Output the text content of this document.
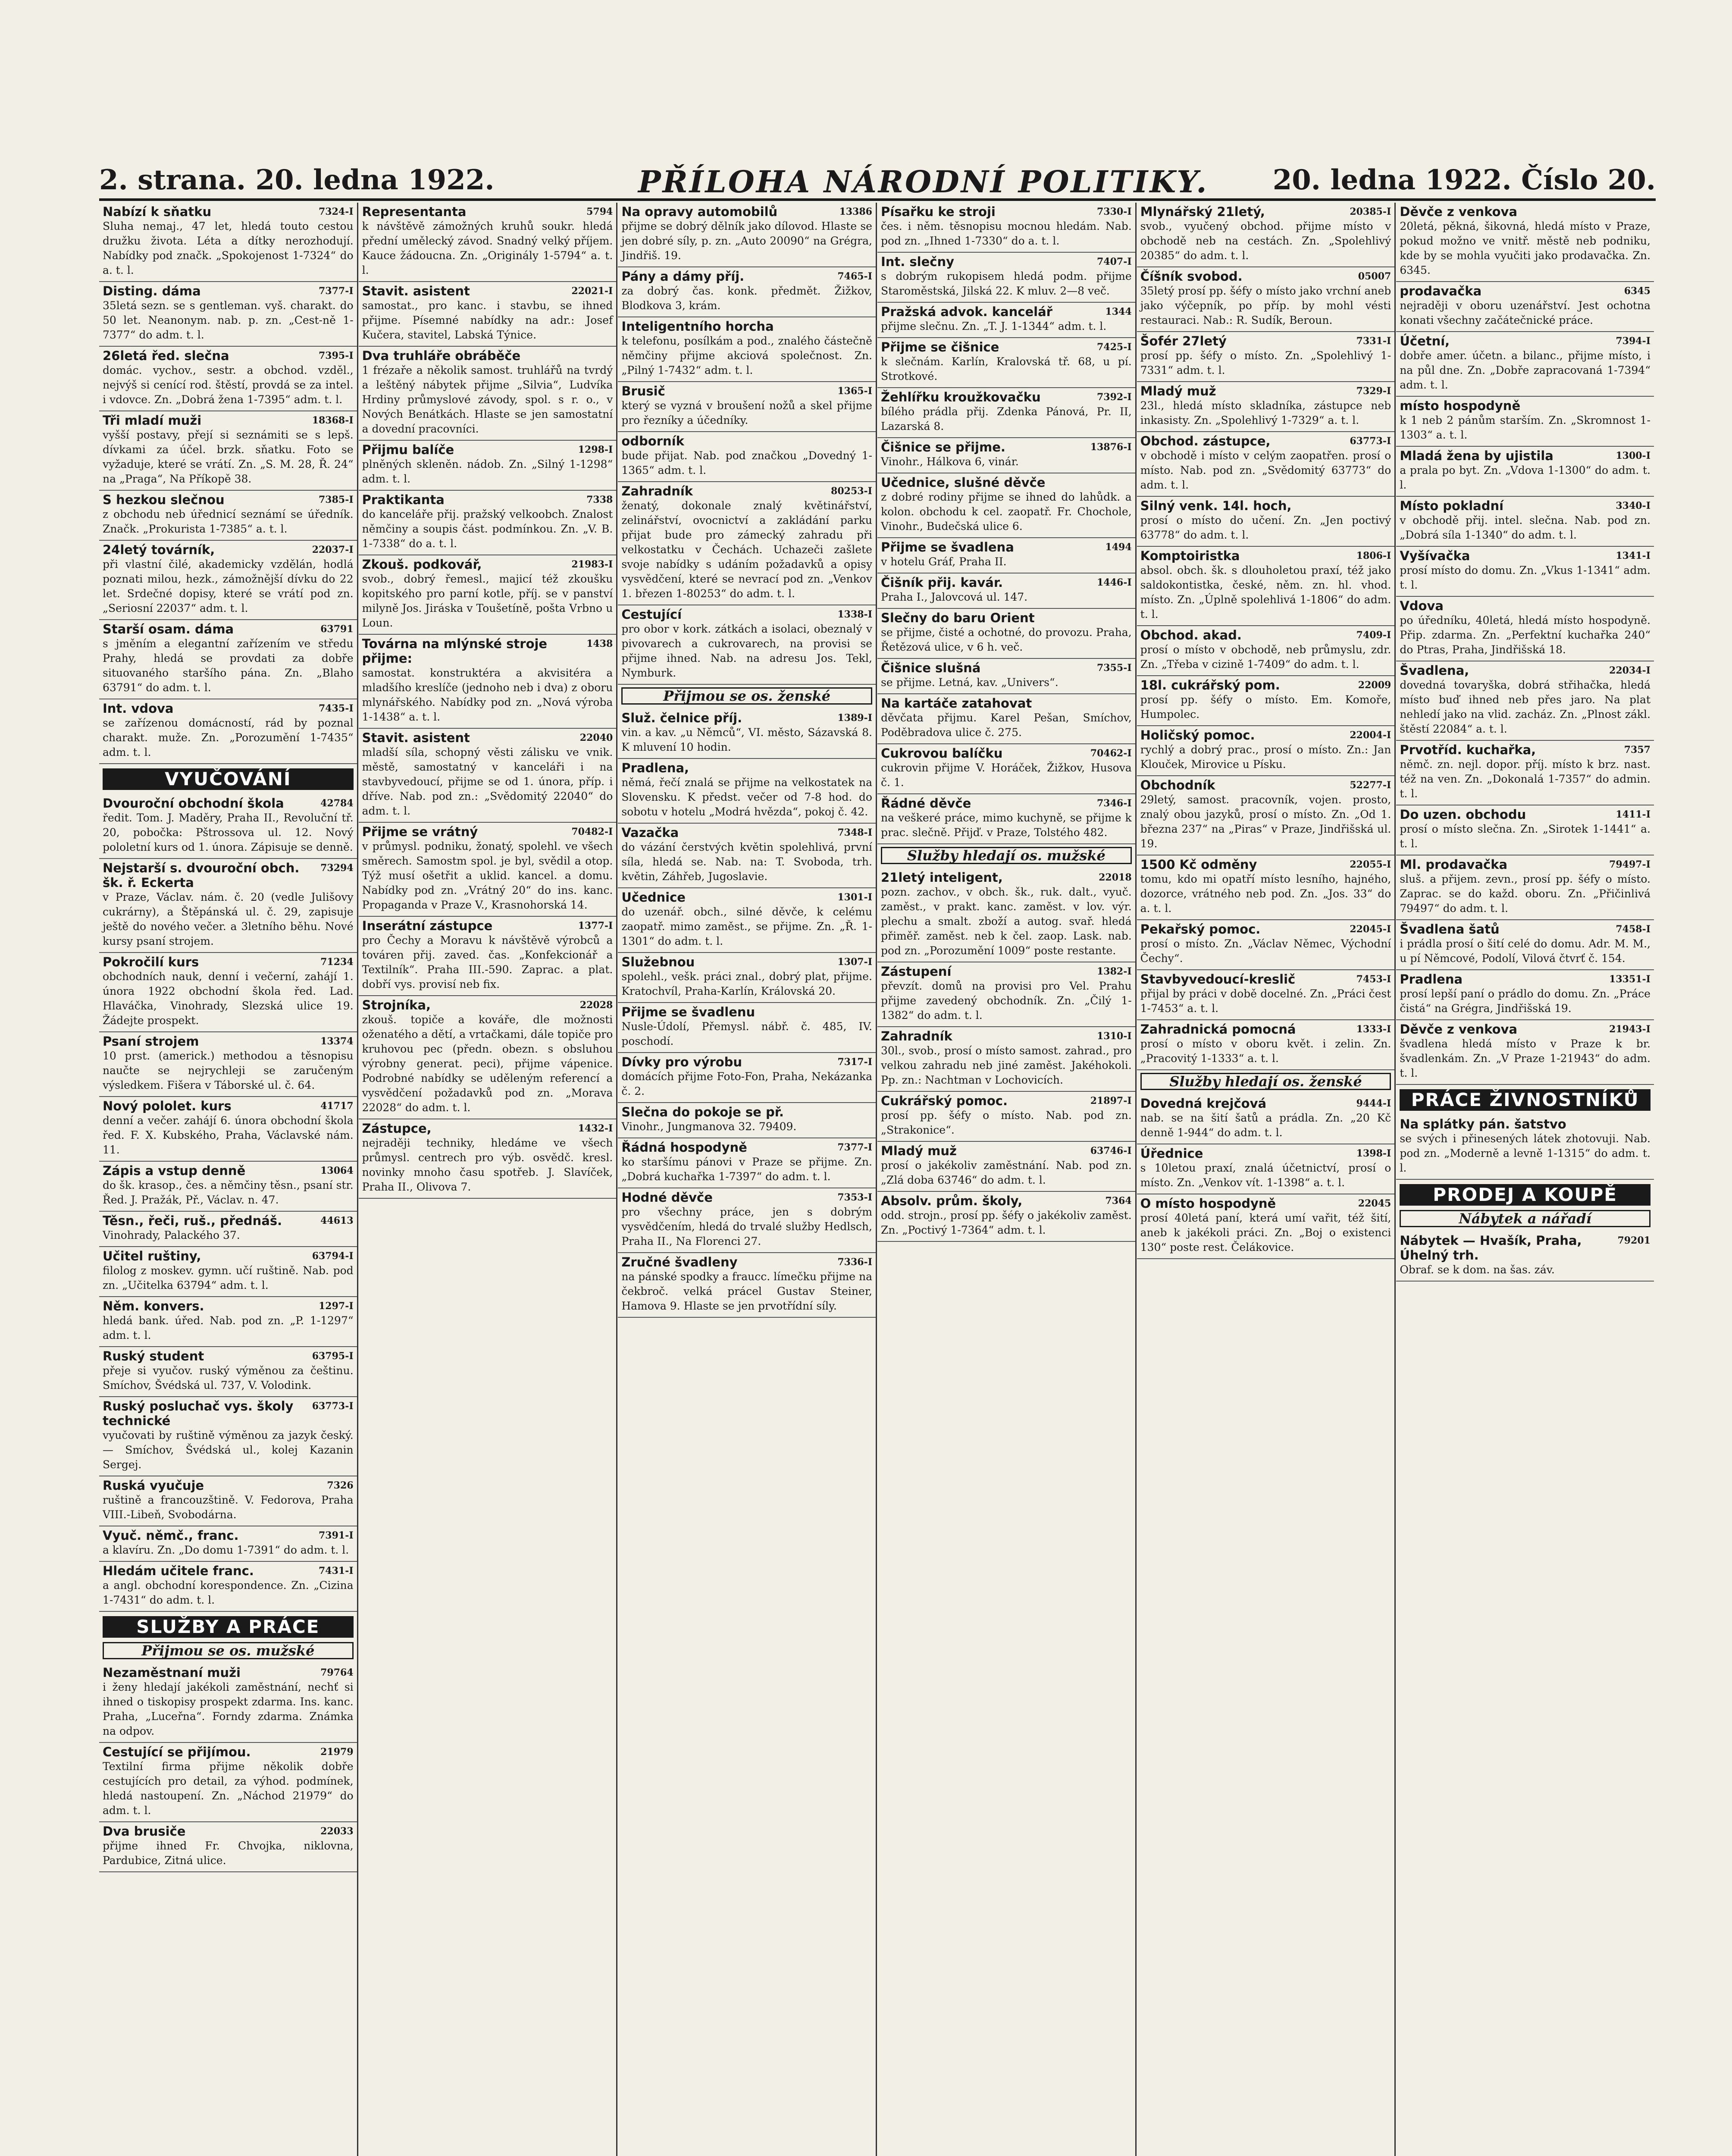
2. strana. 20. ledna 1922.	PŘÍLOHA NÁRODNÍ POLITIKY. 20. ledna 1922. Číslo 20.
7324-I
Nabízí k sňatku
Sluha nemaj., 47 let, hledá touto cestou družku života. Léta a dítky nerozhodují. Nabídky pod značk. „Spokojenost 1-7324“ do a. t. l.
7377-I
Disting. dáma
35letá sezn. se s gentleman. vyš. charakt. do 50 let. Neanonym. nab. p. zn. „Cest-ně 1-7377“ do adm. t. l.
7395-I
26letá řed. slečna
domác. vychov., sestr. a obchod. vzděl., nejvýš si cenící rod. štěstí, provdá se za intel. i vdovce. Zn. „Dobrá žena 1-7395“ adm. t. l.
18368-I
Tři mladí muži
vyšší postavy, přejí si seznámiti se s lepš. dívkami za účel. brzk. sňatku. Foto se vyžaduje, které se vrátí. Zn. „S. M. 28, Ř. 24“ na „Praga“, Na Příkopě 38.
7385-I
S hezkou slečnou
z obchodu neb úřednicí seznámí se úředník. Značk. „Prokurista 1-7385“ a. t. l.
22037-I
24letý továrník,
při vlastní čilé, akademicky vzdělán, hodlá poznati milou, hezk., zámožnější dívku do 22 let. Srdečné dopisy, které se vrátí pod zn. „Seriosní 22037“ adm. t. l.
63791
Starší osam. dáma
s jměním a elegantní zařízením ve středu Prahy, hledá se provdati za dobře situovaného staršího pána. Zn. „Blaho 63791“ do adm. t. l.
7435-I
Int. vdova
se zařízenou domácností, rád by poznal charakt. muže. Zn. „Porozumění 1-7435“ adm. t. l.
VYUČOVÁNÍ
42784
Dvouroční obchodní škola
ředit. Tom. J. Maděry, Praha II., Revoluční tř. 20, pobočka: Pštrossova ul. 12. Nový pololetní kurs od 1. února. Zápisuje se denně.
73294
Nejstarší s. dvouroční obch. šk. ř. Eckerta
v Praze, Václav. nám. č. 20 (vedle Julišovy cukrárny), a Štěpánská ul. č. 29, zapisuje ještě do nového večer. a 3letního běhu. Nové kursy psaní strojem.
71234
Pokročilí kurs
obchodních nauk, denní i večerní, zahájí 1. února 1922 obchodní škola řed. Lad. Hlaváčka, Vinohrady, Slezská ulice 19. Žádejte prospekt.
13374
Psaní strojem
10 prst. (americk.) methodou a těsnopisu naučte se nejrychleji se zaručeným výsledkem. Fišera v Táborské ul. č. 64.
41717
Nový pololet. kurs
denní a večer. zahájí 6. února obchodní škola řed. F. X. Kubského, Praha, Václavské nám. 11.
13064
Zápis a vstup denně
do šk. krasop., čes. a němčiny těsn., psaní str. Řed. J. Pražák, Př., Václav. n. 47.
44613
Těsn., řeči, ruš., přednáš.
Vinohrady, Palackého 37.
63794-I
Učitel ruštiny,
filolog z moskev. gymn. učí ruštině. Nab. pod zn. „Učitelka 63794“ adm. t. l.
1297-I
Něm. konvers.
hledá bank. úřed. Nab. pod zn. „P. 1-1297“ adm. t. l.
63795-I
Ruský student
přeje si vyučov. ruský výměnou za češtinu. Smíchov, Švédská ul. 737, V. Volodink.
63773-I
Ruský posluchač vys. školy technické
vyučovati by ruštině výměnou za jazyk český. — Smíchov, Švédská ul., kolej Kazanin Sergej.
7326
Ruská vyučuje
ruštině a francouzštině. V. Fedorova, Praha VIII.-Libeň, Svobodárna.
7391-I
Vyuč. němč., franc.
a klavíru. Zn. „Do domu 1-7391“ do adm. t. l.
7431-I
Hledám učitele franc.
a angl. obchodní korespondence. Zn. „Cizina 1-7431“ do adm. t. l.
SLUŽBY A PRÁCE
Přijmou se os. mužské
79764
Nezaměstnaní muži
i ženy hledají jakékoli zaměstnání, nechť si ihned o tiskopisy prospekt zdarma. Ins. kanc. Praha, „Luceřna“. Forndy zdarma. Známka na odpov.
21979
Cestující se přijímou.
Textilní firma přijme několik dobře cestujících pro detail, za výhod. podmínek, hledá nastoupení. Zn. „Náchod 21979“ do adm. t. l.
22033
Dva brusiče
přijme ihned Fr. Chvojka, niklovna, Pardubice, Zitná ulice.
5794
Representanta
k návštěvě zámožných kruhů soukr. hledá přední umělecký závod. Snadný velký příjem. Kauce žádoucna. Zn. „Originály 1-5794“ a. t. l.
22021-I
Stavit. asistent
samostat., pro kanc. i stavbu, se ihned přijme. Písemné nabídky na adr.: Josef Kučera, stavitel, Labská Týnice.
Dva truhláře obráběče
1 frézaře a několik samost. truhlářů na tvrdý a leštěný nábytek přijme „Silvia“, Ludvíka Hrdiny průmyslové závody, spol. s r. o., v Nových Benátkách. Hlaste se jen samostatní a dovední pracovníci.
1298-I
Přijmu balíče
plněných skleněn. nádob. Zn. „Silný 1-1298“ adm. t. l.
7338
Praktikanta
do kanceláře přij. pražský velkoobch. Znalost němčiny a soupis část. podmínkou. Zn. „V. B. 1-7338“ do a. t. l.
21983-I
Zkouš. podkovář,
svob., dobrý řemesl., majicí též zkoušku kopitského pro parní kotle, příj. se v panství milyně Jos. Jiráska v Toušetíně, pošta Vrbno u Loun.
1438
Továrna na mlýnské stroje přijme:
samostat. konstruktéra a akvisitéra a mladšího kreslíče (jednoho neb i dva) z oboru mlynářského. Nabídky pod zn. „Nová výroba 1-1438“ a. t. l.
22040
Stavit. asistent
mladší síla, schopný věsti zálisku ve vnik. městě, samostatný v kanceláři i na stavbyvedoucí, přijme se od 1. února, příp. i dříve. Nab. pod zn.: „Svědomitý 22040“ do adm. t. l.
70482-I
Přijme se vrátný
v průmysl. podniku, žonatý, spolehl. ve všech směrech. Samostm spol. je byl, svědil a otop. Týž musí ošetřit a uklid. kancel. a domu. Nabídky pod zn. „Vrátný 20“ do ins. kanc. Propaganda v Praze V., Krasnohorská 14.
1377-I
Inserátní zástupce
pro Čechy a Moravu k návštěvě výrobců a továren přij. zaved. čas. „Konfekcionář a Textilník“. Praha III.-590. Zaprac. a plat. dobří vys. provisí neb fix.
22028
Strojníka,
zkouš. topiče a kováře, dle možnosti oženatého a dětí, a vrtačkami, dále topiče pro kruhovou pec (předn. obezn. s obsluhou výrobny generat. peci), přijme vápenice. Podrobné nabídky se uděleným referencí a vysvědčení požadavků pod zn. „Morava 22028“ do adm. t. l.
1432-I
Zástupce,
nejraději techniky, hledáme ve všech průmysl. centrech pro výb. osvědč. kresl. novinky mnoho času spotřeb. J. Slavíček, Praha II., Olivova 7.
13386
Na opravy automobilů
přijme se dobrý dělník jako dílovod. Hlaste se jen dobré síly, p. zn. „Auto 20090“ na Grégra, Jindřiš. 19.
7465-I
Pány a dámy příj.
za dobrý čas. konk. předmět. Žižkov, Blodkova 3, krám.
Inteligentního horcha
k telefonu, posílkám a pod., znalého částečně němčiny přijme akciová společnost. Zn. „Pilný 1-7432“ adm. t. l.
1365-I
Brusič
který se vyzná v broušení nožů a skel přijme pro řezníky a účedníky.
odborník
bude přijat. Nab. pod značkou „Dovedný 1-1365“ adm. t. l.
80253-I
Zahradník
ženatý, dokonale znalý květinářství, zelinářství, ovocnictví a zakládání parku přijat bude pro zámecký zahradu při velkostatku v Čechách. Uchazeči zašlete svoje nabídky s udáním požadavků a opisy vysvědčení, které se nevrací pod zn. „Venkov 1. březen 1-80253“ do adm. t. l.
1338-I
Cestující
pro obor v kork. zátkách a isolaci, obeznalý v pivovarech a cukrovarech, na provisi se přijme ihned. Nab. na adresu Jos. Tekl, Nymburk.
Přijmou se os. ženské
1389-I
Služ. čelnice příj.
vin. a kav. „u Němců“, VI. město, Sázavská 8. K mluvení 10 hodin.
Pradlena,
němá, řečí znalá se přijme na velkostatek na Slovensku. K předst. večer od 7-8 hod. do sobotu v hotelu „Modrá hvězda“, pokoj č. 42.
7348-I
Vazačka
do vázání čerstvých květin spolehlivá, první síla, hledá se. Nab. na: T. Svoboda, trh. květin, Záhřeb, Jugoslavie.
1301-I
Učednice
do uzenář. obch., silné děvče, k celému zaopatř. mimo zaměst., se přijme. Zn. „Ř. 1-1301“ do adm. t. l.
1307-I
Služebnou
spolehl., vešk. práci znal., dobrý plat, přijme. Kratochvíl, Praha-Karlín, Královská 20.
Přijme se švadlenu
Nusle-Údolí, Přemysl. nábř. č. 485, IV. poschodí.
7317-I
Dívky pro výrobu
domácích přijme Foto-Fon, Praha, Nekázanka č. 2.
Slečna do pokoje se př.
Vinohr., Jungmanova 32. 79409.
7377-I
Řádná hospodyně
ko staršímu pánovi v Praze se přijme. Zn. „Dobrá kuchařka 1-7397“ do adm. t. l.
7353-I
Hodné děvče
pro všechny práce, jen s dobrým vysvědčením, hledá do trvalé služby Hedlsch, Praha II., Na Florenci 27.
7336-I
Zručné švadleny
na pánské spodky a fraucc. límečku přijme na čekbroč. velká prácel Gustav Steiner, Hamova 9. Hlaste se jen prvotřídní síly.
7330-I
Písařku ke stroji
čes. i něm. těsnopisu mocnou hledám. Nab. pod zn. „Ihned 1-7330“ do a. t. l.
7407-I
Int. slečny
s dobrým rukopisem hledá podm. přijme Staroměstská, Jilská 22. K mluv. 2—8 več.
1344
Pražská advok. kancelář
přijme slečnu. Zn. „T. J. 1-1344“ adm. t. l.
7425-I
Přijme se čišnice
k slečnám. Karlín, Kralovská tř. 68, u pí. Strotkové.
7392-I
Žehlířku kroužkovačku
bílého prádla přij. Zdenka Pánová, Pr. II, Lazarská 8.
13876-I
Čišnice se přijme.
Vinohr., Hálkova 6, vinár.
Učednice, slušné děvče
z dobré rodiny přijme se ihned do lahůdk. a kolon. obchodu k cel. zaopatř. Fr. Chochole, Vinohr., Budečská ulice 6.
1494
Přijme se švadlena
v hotelu Gráf, Praha II.
1446-I
Čišník přij. kavár.
Praha I., Jalovcová ul. 147.
Slečny do baru Orient
se přijme, čisté a ochotné, do provozu. Praha, Řetězová ulice, v 6 h. več.
7355-I
Čišnice slušná
se přijme. Letná, kav. „Univers“.
Na kartáče zatahovat
děvčata přijmu. Karel Pešan, Smíchov, Poděbradova ulice č. 275.
70462-I
Cukrovou balíčku
cukrovin přijme V. Horáček, Žižkov, Husova č. 1.
7346-I
Řádné děvče
na veškeré práce, mimo kuchyně, se přijme k prac. slečně. Přijď. v Praze, Tolstého 482.
Služby hledají os. mužské
22018
21letý inteligent,
pozn. zachov., v obch. šk., ruk. dalt., vyuč. zaměst., v prakt. kanc. zaměst. v lov. výr. plechu a smalt. zboží a autog. svař. hledá přiměř. zaměst. neb k čel. zaop. Lask. nab. pod zn. „Porozumění 1009“ poste restante.
1382-I
Zástupení
převzít. domů na provisi pro Vel. Prahu přijme zavedený obchodník. Zn. „Čilý 1-1382“ do adm. t. l.
1310-I
Zahradník
30l., svob., prosí o místo samost. zahrad., pro velkou zahradu neb jiné zaměst. Jakéhokoli. Pp. zn.: Nachtman v Lochovicích.
21897-I
Cukrářský pomoc.
prosí pp. šéfy o místo. Nab. pod zn. „Strakonice“.
63746-I
Mladý muž
prosí o jakékoliv zaměstnání. Nab. pod zn. „Zlá doba 63746“ do adm. t. l.
7364
Absolv. prům. školy,
odd. strojn., prosí pp. šéfy o jakékoliv zaměst. Zn. „Poctivý 1-7364“ adm. t. l.
20385-I
Mlynářský 21letý,
svob., vyučený obchod. přijme místo v obchodě neb na cestách. Zn. „Spolehlivý 20385“ do adm. t. l.
05007
Číšník svobod.
35letý prosí pp. šéfy o místo jako vrchní aneb jako výčepník, po příp. by mohl vésti restauraci. Nab.: R. Sudík, Beroun.
7331-I
Šofér 27letý
prosí pp. šéfy o místo. Zn. „Spolehlivý 1-7331“ adm. t. l.
7329-I
Mladý muž
23l., hledá místo skladníka, zástupce neb inkasisty. Zn. „Spolehlivý 1-7329“ a. t. l.
63773-I
Obchod. zástupce,
v obchodě i místo v celým zaopatřen. prosí o místo. Nab. pod zn. „Svědomitý 63773“ do adm. t. l.
Silný venk. 14l. hoch,
prosí o místo do učení. Zn. „Jen poctivý 63778“ do adm. t. l.
1806-I
Komptoiristka
absol. obch. šk. s dlouholetou praxí, též jako saldokontistka, české, něm. zn. hl. vhod. místo. Zn. „Úplně spolehlivá 1-1806“ do adm. t. l.
7409-I
Obchod. akad.
prosí o místo v obchodě, neb průmyslu, zdr. Zn. „Třeba v cizině 1-7409“ do adm. t. l.
22009
18l. cukrářský pom.
prosí pp. šéfy o místo. Em. Komoře, Humpolec.
22004-I
Holičský pomoc.
rychlý a dobrý prac., prosí o místo. Zn.: Jan Klouček, Mirovice u Písku.
52277-I
Obchodník
29letý, samost. pracovník, vojen. prosto, znalý obou jazyků, prosí o místo. Zn. „Od 1. března 237“ na „Piras“ v Praze, Jindřišská ul. 19.
22055-I
1500 Kč odměny
tomu, kdo mi opatří místo lesního, hajného, dozorce, vrátného neb pod. Zn. „Jos. 33“ do a. t. l.
22045-I
Pekařský pomoc.
prosí o místo. Zn. „Václav Němec, Východní Čechy“.
7453-I
Stavbyvedoucí-kreslič
přijal by práci v době docelné. Zn. „Práci čest 1-7453“ a. t. l.
1333-I
Zahradnická pomocná
prosí o místo v oboru květ. i zelin. Zn. „Pracovitý 1-1333“ a. t. l.
Služby hledají os. ženské
9444-I
Dovedná krejčová
nab. se na šití šatů a prádla. Zn. „20 Kč denně 1-944“ do adm. t. l.
1398-I
Úřednice
s 10letou praxí, znalá účetnictví, prosí o místo. Zn. „Venkov vít. 1-1398“ a. t. l.
22045
O místo hospodyně
prosí 40letá paní, která umí vařit, též šití, aneb k jakékoli práci. Zn. „Boj o existenci 130“ poste rest. Čelákovice.
Děvče z venkova
20letá, pěkná, šikovná, hledá místo v Praze, pokud možno ve vnitř. městě neb podniku, kde by se mohla vyučiti jako prodavačka. Zn. 6345.
6345
prodavačka
nejraději v oboru uzenářství. Jest ochotna konati všechny začátečnické práce.
7394-I
Účetní,
dobře amer. účetn. a bilanc., přijme místo, i na půl dne. Zn. „Dobře zapracovaná 1-7394“ adm. t. l.
místo hospodyně
k 1 neb 2 pánům starším. Zn. „Skromnost 1-1303“ a. t. l.
1300-I
Mladá žena by ujistila
a prala po byt. Zn. „Vdova 1-1300“ do adm. t. l.
3340-I
Místo pokladní
v obchodě přij. intel. slečna. Nab. pod zn. „Dobrá síla 1-1340“ do adm. t. l.
1341-I
Vyšívačka
prosí místo do domu. Zn. „Vkus 1-1341“ adm. t. l.
Vdova
po úředníku, 40letá, hledá místo hospodyně. Přip. zdarma. Zn. „Perfektní kuchařka 240“ do Ptras, Praha, Jindřišská 18.
22034-I
Švadlena,
dovedná tovaryška, dobrá střihačka, hledá místo buď ihned neb přes jaro. Na plat nehledí jako na vlid. zacház. Zn. „Plnost zákl. štěstí 22084“ a. t. l.
7357
Prvotříd. kuchařka,
němč. zn. nejl. dopor. příj. místo k brz. nast. též na ven. Zn. „Dokonalá 1-7357“ do admin. t. l.
1411-I
Do uzen. obchodu
prosí o místo slečna. Zn. „Sirotek 1-1441“ a. t. l.
79497-I
Ml. prodavačka
sluš. a přijem. zevn., prosí pp. šéfy o místo. Zaprac. se do každ. oboru. Zn. „Přičinlivá 79497“ do adm. t. l.
7458-I
Švadlena šatů
i prádla prosí o šití celé do domu. Adr. M. M., u pí Němcové, Podolí, Vilová čtvrť č. 154.
13351-I
Pradlena
prosí lepší paní o prádlo do domu. Zn. „Práce čistá“ na Grégra, Jindřišská 19.
21943-I
Děvče z venkova
švadlena hledá místo v Praze k br. švadlenkám. Zn. „V Praze 1-21943“ do adm. t. l.
PRÁCE ŽIVNOSTNÍKŮ
Na splátky pán. šatstvo
se svých i přinesených látek zhotovuji. Nab. pod zn. „Moderně a levně 1-1315“ do adm. t. l.
PRODEJ A KOUPĚ
Nábytek a nářadí
79201
Nábytek — Hvašík, Praha, Úhelný trh.
Obraf. se k dom. na šas. záv.
